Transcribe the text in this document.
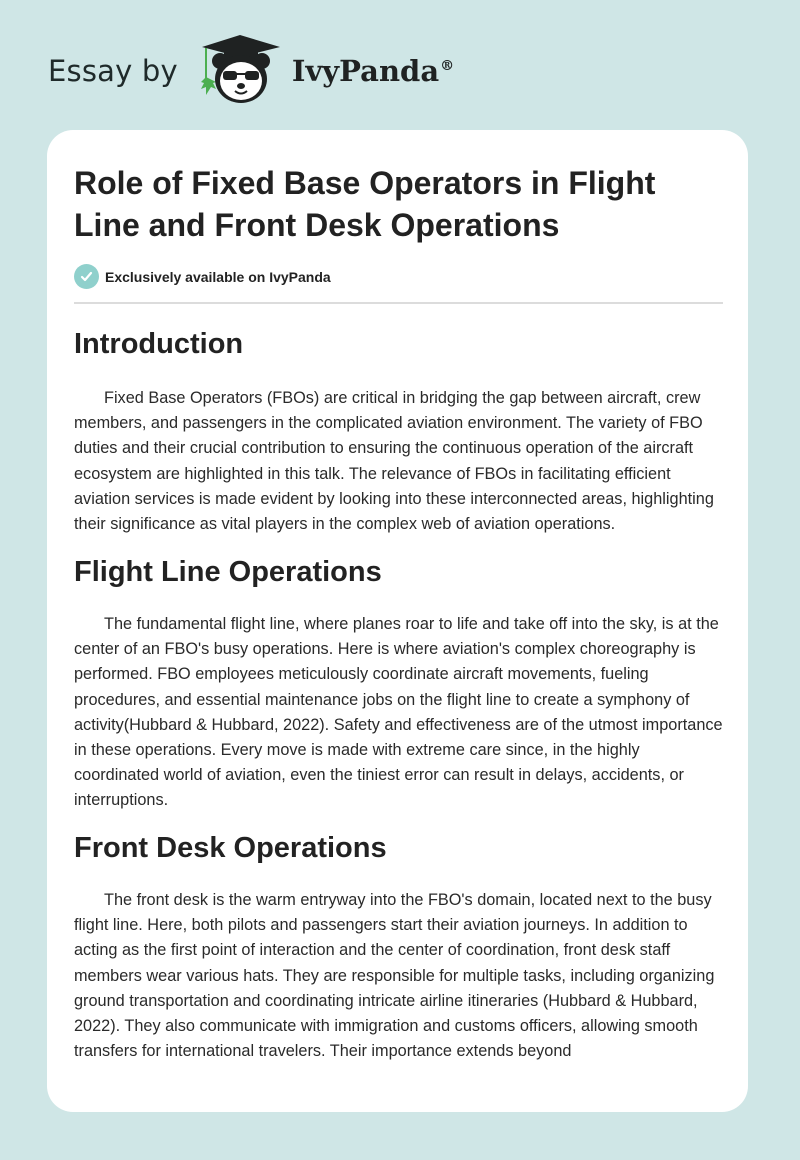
Essay by	IvyPanda®
Role of Fixed Base Operators in Flight Line and Front Desk Operations
Exclusively available on IvyPanda
Introduction

Fixed Base Operators (FBOs) are critical in bridging the gap between aircraft, crew members, and passengers in the complicated aviation environment. The variety of FBO duties and their crucial contribution to ensuring the continuous operation of the aircraft ecosystem are highlighted in this talk. The relevance of FBOs in facilitating efficient aviation services is made evident by looking into these interconnected areas, highlighting their significance as vital players in the complex web of aviation operations.

Flight Line Operations

The fundamental flight line, where planes roar to life and take off into the sky, is at the center of an FBO's busy operations. Here is where aviation's complex choreography is performed. FBO employees meticulously coordinate aircraft movements, fueling procedures, and essential maintenance jobs on the flight line to create a symphony of activity(Hubbard & Hubbard, 2022). Safety and effectiveness are of the utmost importance in these operations. Every move is made with extreme care since, in the highly coordinated world of aviation, even the tiniest error can result in delays, accidents, or interruptions.

Front Desk Operations

The front desk is the warm entryway into the FBO's domain, located next to the busy flight line. Here, both pilots and passengers start their aviation journeys. In addition to acting as the first point of interaction and the center of coordination, front desk staff members wear various hats. They are responsible for multiple tasks, including organizing ground transportation and coordinating intricate airline itineraries (Hubbard & Hubbard, 2022). They also communicate with immigration and customs officers, allowing smooth transfers for international travelers. Their importance extends beyond
